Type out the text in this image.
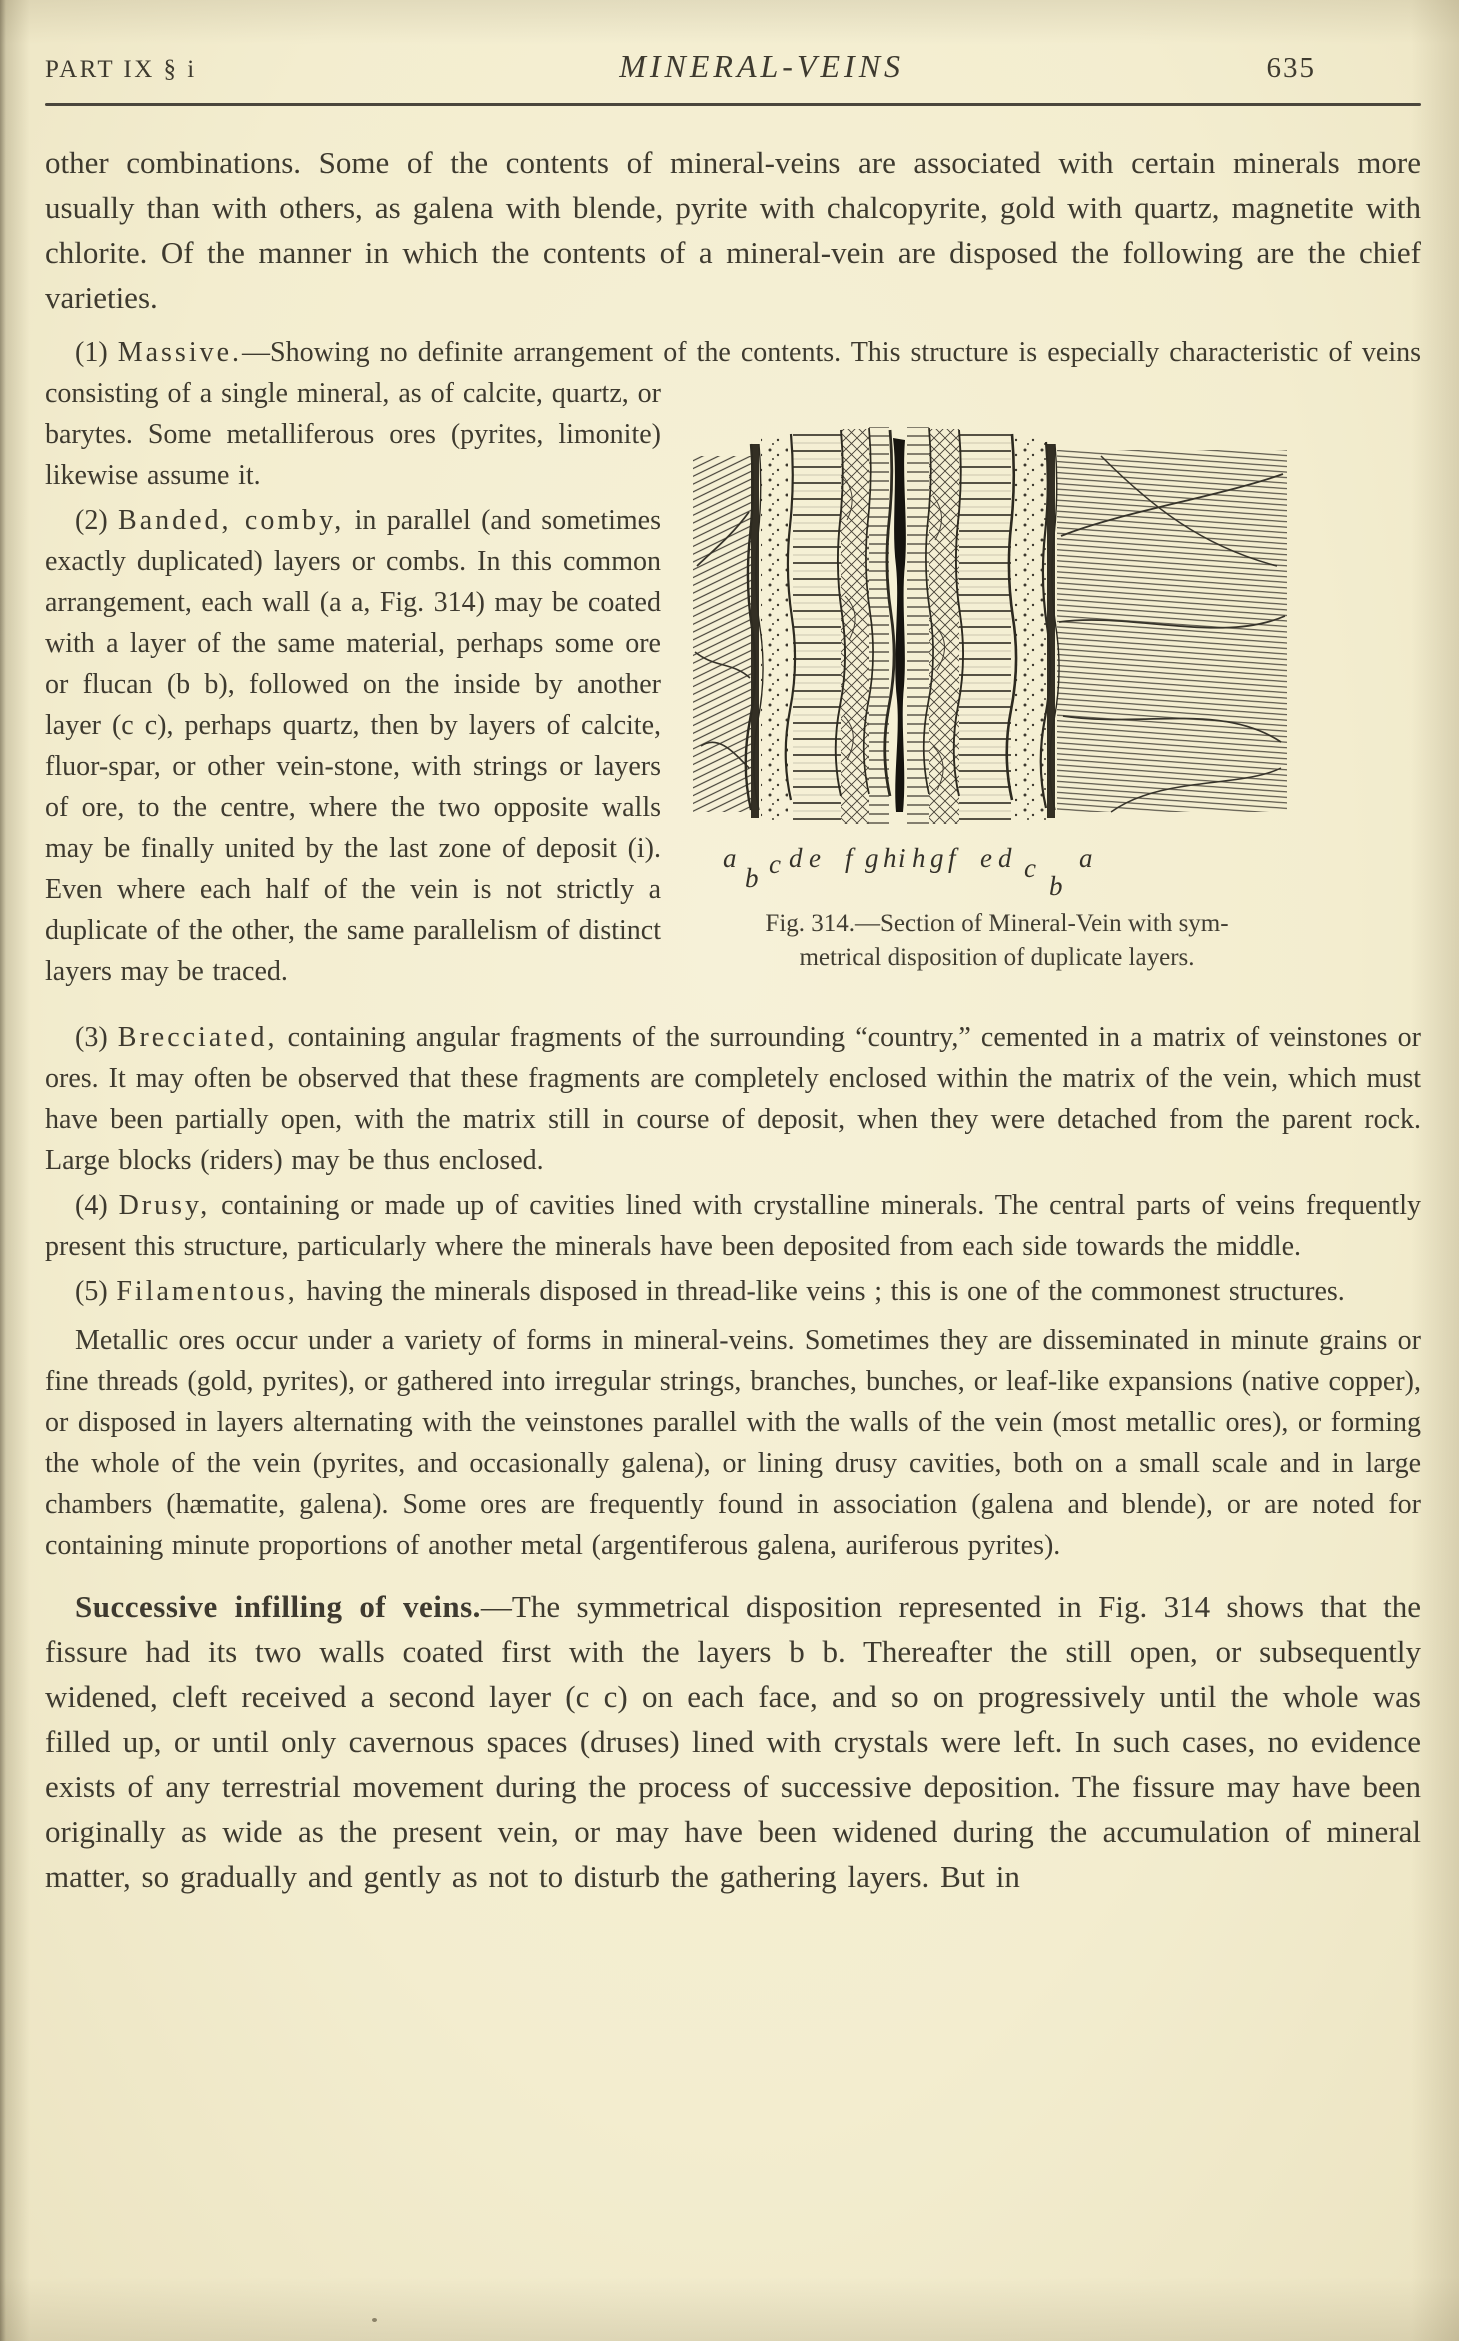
PART IX § i	MINERAL-VEINS	635

other combinations. Some of the contents of mineral-veins are associated with certain minerals more usually than with others, as galena with blende, pyrite with chalcopyrite, gold with quartz, magnetite with chlorite. Of the manner in which the contents of a mineral-vein are disposed the following are the chief varieties.

a
b c d e f g h i h g f e d c
b
a
Fig. 314.—Section of Mineral-Vein with sym-
metrical disposition of duplicate layers.

(1) Massive.—Showing no definite arrangement of the contents. This structure is especially characteristic of veins consisting of a single mineral, as of calcite, quartz, or barytes. Some metalliferous ores (pyrites, limonite) likewise assume it.

(2) Banded, comby, in parallel (and sometimes exactly duplicated) layers or combs. In this common arrangement, each wall (a a, Fig. 314) may be coated with a layer of the same material, perhaps some ore or flucan (b b), followed on the inside by another layer (c c), perhaps quartz, then by layers of calcite, fluor-spar, or other vein-stone, with strings or layers of ore, to the centre, where the two opposite walls may be finally united by the last zone of deposit (i). Even where each half of the vein is not strictly a duplicate of the other, the same parallelism of distinct layers may be traced.

(3) Brecciated, containing angular fragments of the surrounding “country,” cemented in a matrix of veinstones or ores. It may often be observed that these fragments are completely enclosed within the matrix of the vein, which must have been partially open, with the matrix still in course of deposit, when they were detached from the parent rock. Large blocks (riders) may be thus enclosed.

(4) Drusy, containing or made up of cavities lined with crystalline minerals. The central parts of veins frequently present this structure, particularly where the minerals have been deposited from each side towards the middle.

(5) Filamentous, having the minerals disposed in thread-like veins ; this is one of the commonest structures.

Metallic ores occur under a variety of forms in mineral-veins. Sometimes they are disseminated in minute grains or fine threads (gold, pyrites), or gathered into irregular strings, branches, bunches, or leaf-like expansions (native copper), or disposed in layers alternating with the veinstones parallel with the walls of the vein (most metallic ores), or forming the whole of the vein (pyrites, and occasionally galena), or lining drusy cavities, both on a small scale and in large chambers (hæmatite, galena). Some ores are frequently found in association (galena and blende), or are noted for containing minute proportions of another metal (argentiferous galena, auriferous pyrites).

Successive infilling of veins.—The symmetrical disposition represented in Fig. 314 shows that the fissure had its two walls coated first with the layers b b. Thereafter the still open, or subsequently widened, cleft received a second layer (c c) on each face, and so on progressively until the whole was filled up, or until only cavernous spaces (druses) lined with crystals were left. In such cases, no evidence exists of any terrestrial movement during the process of successive deposition. The fissure may have been originally as wide as the present vein, or may have been widened during the accumulation of mineral matter, so gradually and gently as not to disturb the gathering layers. But in
